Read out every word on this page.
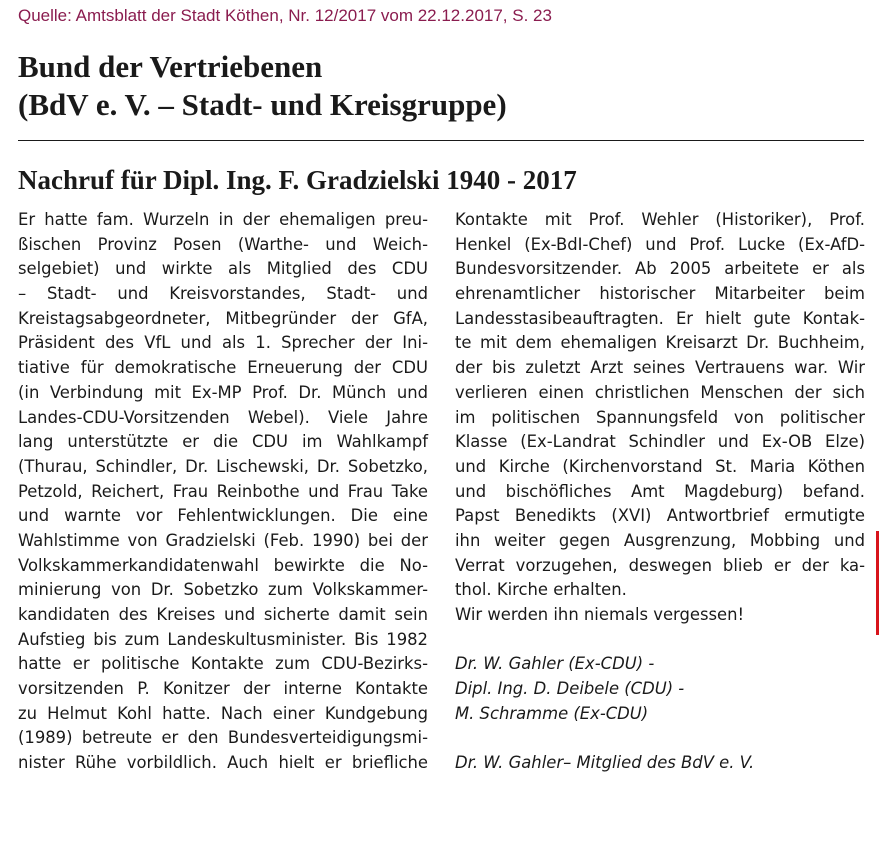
Quelle: Amtsblatt der Stadt Köthen, Nr. 12/2017 vom 22.12.2017, S. 23
Bund der Vertriebenen
(BdV e. V. – Stadt- und Kreisgruppe)
Nachruf für Dipl. Ing. F. Gradzielski 1940 - 2017
Er hatte fam. Wurzeln in der ehemaligen preu-
ßischen Provinz Posen (Warthe- und Weich-
selgebiet) und wirkte als Mitglied des CDU
– Stadt- und Kreisvorstandes, Stadt- und
Kreistagsabgeordneter, Mitbegründer der GfA,
Präsident des VfL und als 1. Sprecher der Ini-
tiative für demokratische Erneuerung der CDU
(in Verbindung mit Ex-MP Prof. Dr. Münch und
Landes-CDU-Vorsitzenden Webel). Viele Jahre
lang unterstützte er die CDU im Wahlkampf
(Thurau, Schindler, Dr. Lischewski, Dr. Sobetzko,
Petzold, Reichert, Frau Reinbothe und Frau Take
und warnte vor Fehlentwicklungen. Die eine
Wahlstimme von Gradzielski (Feb. 1990) bei der
Volkskammerkandidatenwahl bewirkte die No-
minierung von Dr. Sobetzko zum Volkskammer-
kandidaten des Kreises und sicherte damit sein
Aufstieg bis zum Landeskultusminister. Bis 1982
hatte er politische Kontakte zum CDU-Bezirks-
vorsitzenden P. Konitzer der interne Kontakte
zu Helmut Kohl hatte. Nach einer Kundgebung
(1989) betreute er den Bundesverteidigungsmi-
nister Rühe vorbildlich. Auch hielt er briefliche
Kontakte mit Prof. Wehler (Historiker), Prof.
Henkel (Ex-BdI-Chef) und Prof. Lucke (Ex-AfD-
Bundesvorsitzender. Ab 2005 arbeitete er als
ehrenamtlicher historischer Mitarbeiter beim
Landesstasibeauftragten. Er hielt gute Kontak-
te mit dem ehemaligen Kreisarzt Dr. Buchheim,
der bis zuletzt Arzt seines Vertrauens war. Wir
verlieren einen christlichen Menschen der sich
im politischen Spannungsfeld von politischer
Klasse (Ex-Landrat Schindler und Ex-OB Elze)
und Kirche (Kirchenvorstand St. Maria Köthen
und bischöfliches Amt Magdeburg) befand.
Papst Benedikts (XVI) Antwortbrief ermutigte
ihn weiter gegen Ausgrenzung, Mobbing und
Verrat vorzugehen, deswegen blieb er der ka-
thol. Kirche erhalten.
Wir werden ihn niemals vergessen!
Dr. W. Gahler (Ex-CDU) -
Dipl. Ing. D. Deibele (CDU) -
M. Schramme (Ex-CDU)
Dr. W. Gahler– Mitglied des BdV e. V.
